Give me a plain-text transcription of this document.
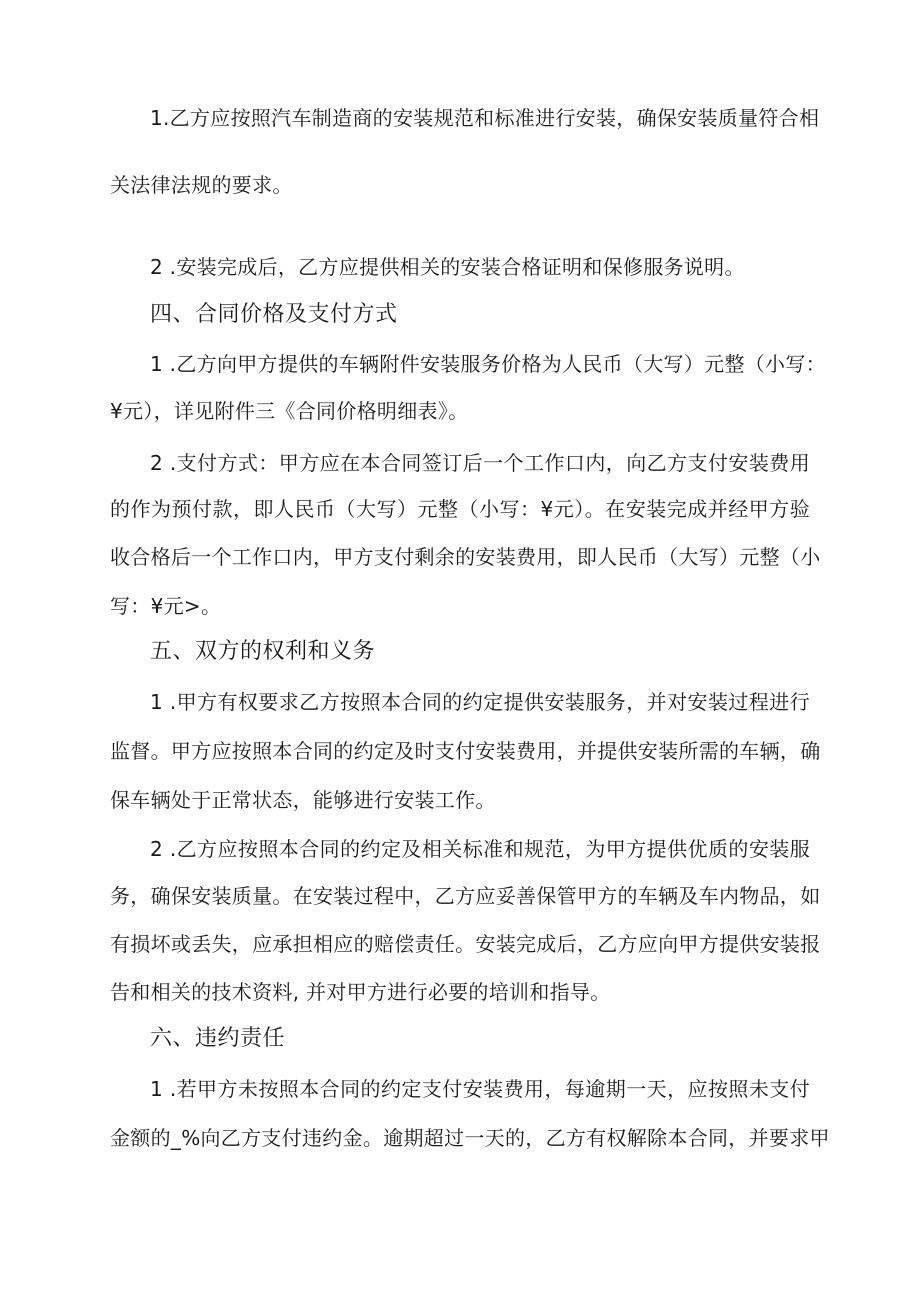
1.乙方应按照汽车制造商的安装规范和标准进行安装，确保安装质量符合相
关法律法规的要求。
2 .安装完成后，乙方应提供相关的安装合格证明和保修服务说明。
四、合同价格及支付方式
1 .乙方向甲方提供的车辆附件安装服务价格为人民币（大写）元整（小写：
¥元），详见附件三《合同价格明细表》。
2 .支付方式：甲方应在本合同签订后一个工作口内，向乙方支付安装费用
的作为预付款，即人民币（大写）元整（小写：¥元）。在安装完成并经甲方验
收合格后一个工作口内，甲方支付剩余的安装费用，即人民币（大写）元整（小
写：¥元>。
五、双方的权利和义务
1 .甲方有权要求乙方按照本合同的约定提供安装服务，并对安装过程进行
监督。甲方应按照本合同的约定及时支付安装费用，并提供安装所需的车辆，确
保车辆处于正常状态，能够进行安装工作。
2 .乙方应按照本合同的约定及相关标准和规范，为甲方提供优质的安装服
务，确保安装质量。在安装过程中，乙方应妥善保管甲方的车辆及车内物品，如
有损坏或丢失，应承担相应的赔偿责任。安装完成后，乙方应向甲方提供安装报
告和相关的技术资料, 并对甲方进行必要的培训和指导。
六、违约责任
1 .若甲方未按照本合同的约定支付安装费用，每逾期一天，应按照未支付
金额的_%向乙方支付违约金。逾期超过一天的，乙方有权解除本合同，并要求甲
